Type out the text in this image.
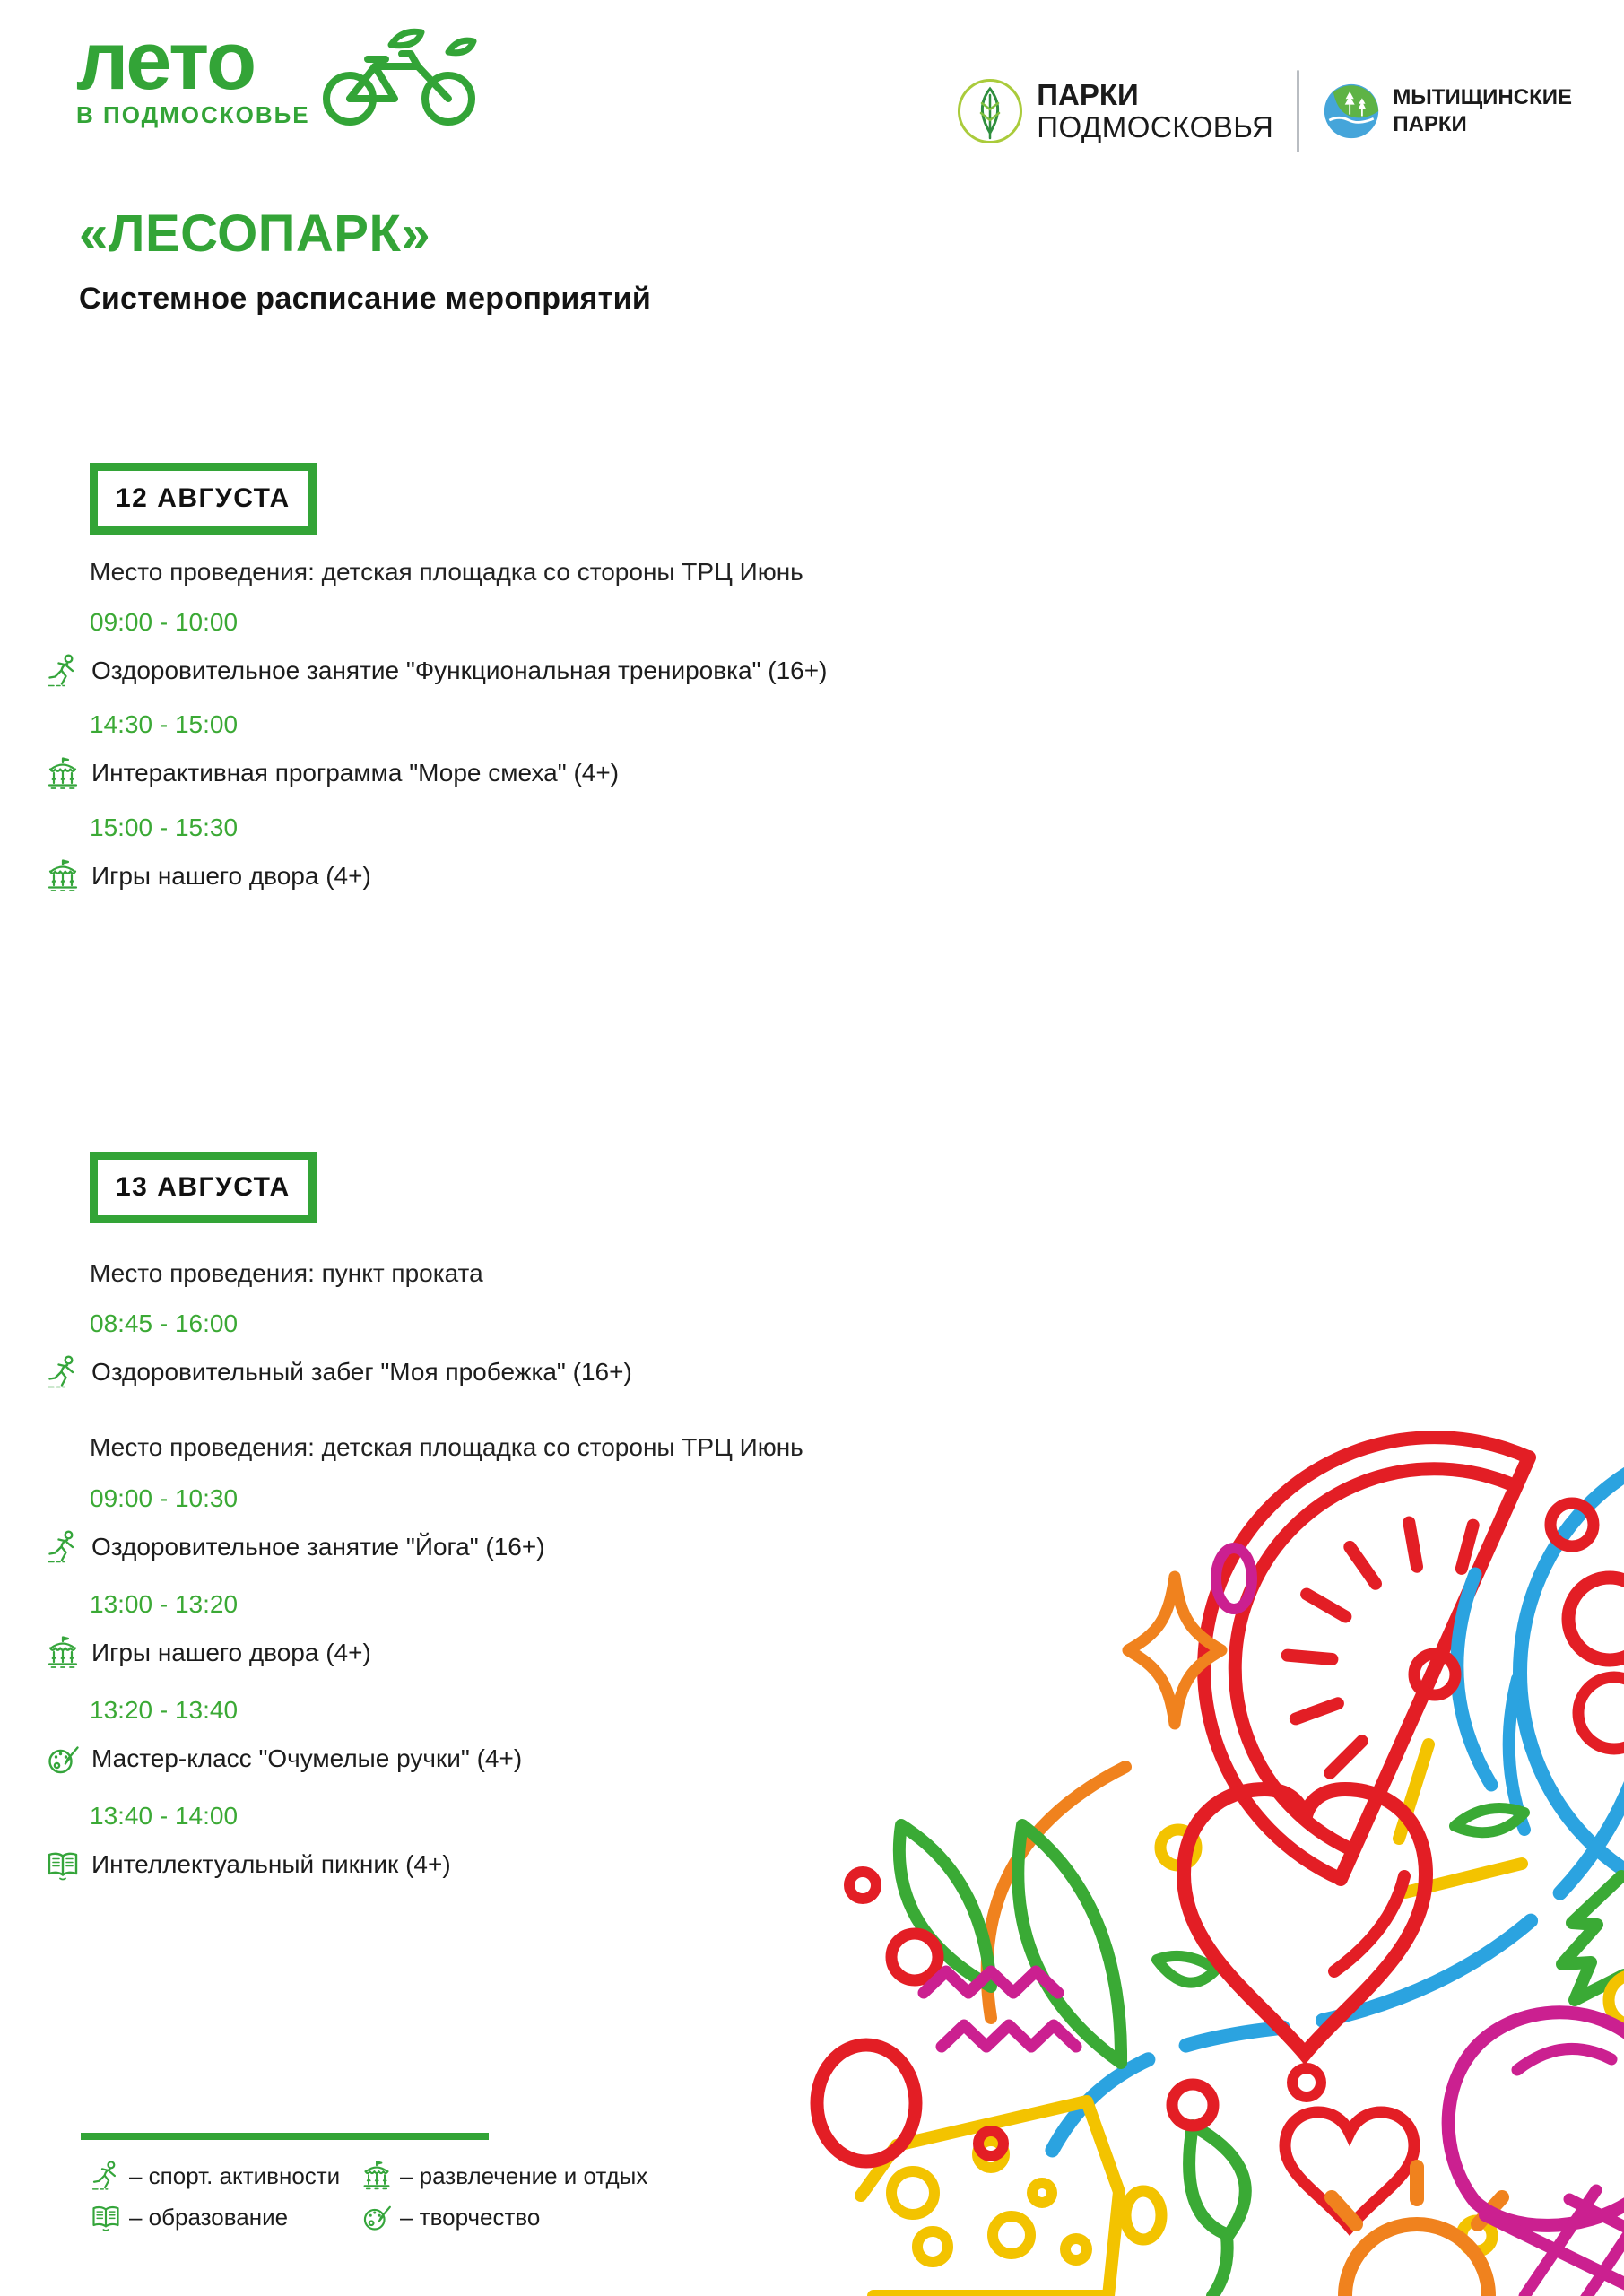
лето
В ПОДМОСКОВЬЕ
ПАРКИ
ПОДМОСКОВЬЯ
МЫТИЩИНСКИЕ
ПАРКИ
«ЛЕСОПАРК»
Системное расписание мероприятий
12 АВГУСТА
Место проведения: детская площадка со стороны ТРЦ Июнь
09:00 - 10:00
Оздоровительное занятие "Функциональная тренировка" (16+)
14:30 - 15:00
Интерактивная программа "Море смеха" (4+)
15:00 - 15:30
Игры нашего двора (4+)
13 АВГУСТА
Место проведения: пункт проката
08:45 - 16:00
Оздоровительный забег "Моя пробежка" (16+)
Место проведения: детская площадка со стороны ТРЦ Июнь
09:00 - 10:30
Оздоровительное занятие "Йога" (16+)
13:00 - 13:20
Игры нашего двора (4+)
13:20 - 13:40
Мастер-класс "Очумелые ручки" (4+)
13:40 - 14:00
Интеллектуальный пикник (4+)
– спорт. активности	– развлечение и отдых
– образование	– творчество
